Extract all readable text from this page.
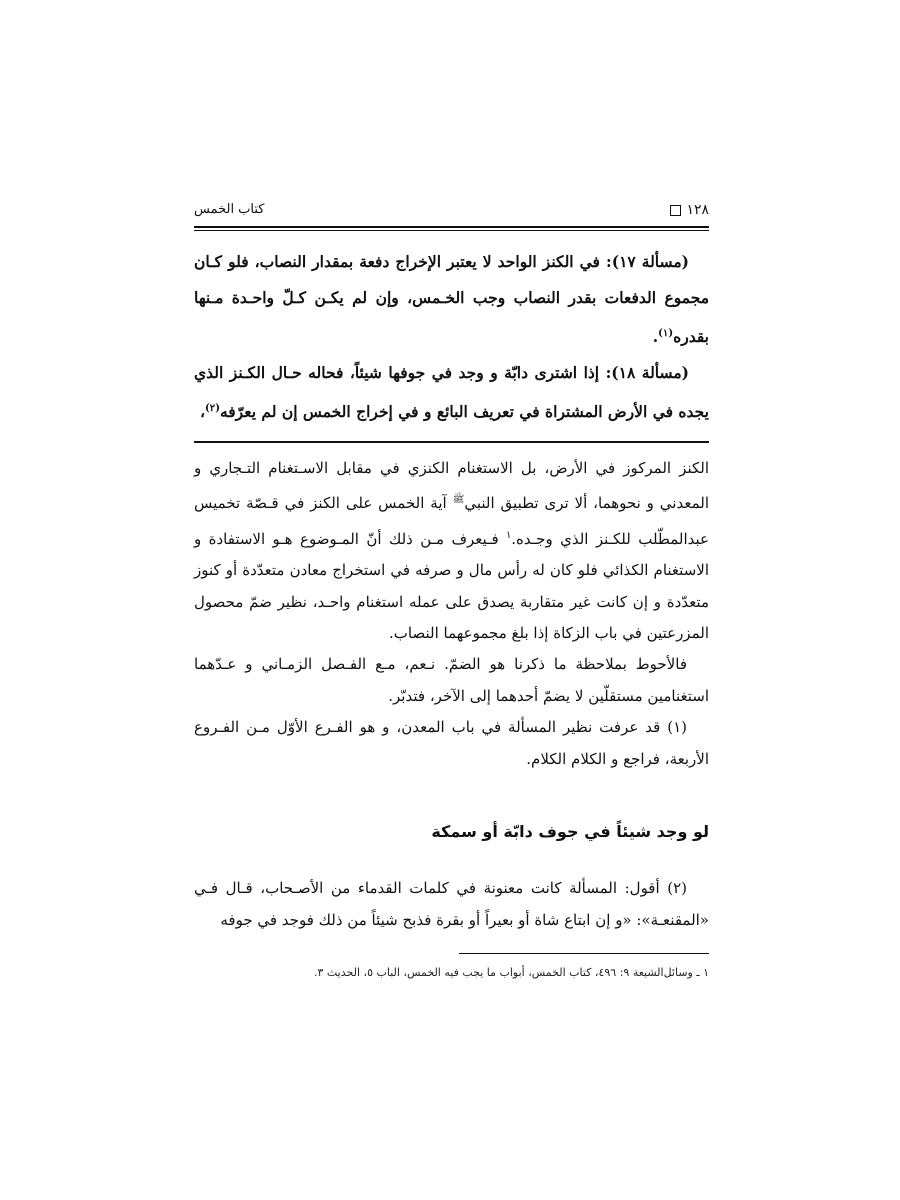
١٢٨
كتاب الخمس

(مسألة ١٧): في الكنز الواحد لا يعتبر الإخراج دفعة بمقدار النصاب، فلو كـان مجموع الدفعات بقدر النصاب وجب الخـمس، وإن لم يكـن كـلّ واحـدة مـنها بقدره$^{(١)}$.

(مسألة ١٨): إذا اشترى دابّة و وجد في جوفها شيئاً، فحاله حـال الكـنز الذي يجده في الأرض المشتراة في تعريف البائع و في إخراج الخمس إن لم يعرّفه$^{(٢)}$،

الكنز المركوز في الأرض، بل الاستغنام الكنزي في مقابل الاسـتغنام التـجاري و المعدني و نحوهما، ألا ترى تطبيق النبي$^ﷺ$ آية الخمس على الكنز في قـصّة تخميس عبدالمطّلب للكـنز الذي وجـده.$^١$ فـيعرف مـن ذلك أنّ المـوضوع هـو الاستفادة و الاستغنام الكذائي فلو كان له رأس مال و صرفه في استخراج معادن متعدّدة أو كنوز متعدّدة و إن كانت غير متقاربة يصدق على عمله استغنام واحـد، نظير ضمّ محصول المزرعتين في باب الزكاة إذا بلغ مجموعهما النصاب.

فالأحوط بملاحظة ما ذكرنا هو الضمّ. نـعم، مـع الفـصل الزمـاني و عـدّهما استغنامين مستقلّين لا يضمّ أحدهما إلى الآخر، فتدبّر.

(١) قد عرفت نظير المسألة في باب المعدن، و هو الفـرع الأوّل مـن الفـروع الأربعة، فراجع و الكلام الكلام.

لو وجد شيئاً في جوف دابّة أو سمكة

(٢) أقول: المسألة كانت معنونة في كلمات القدماء من الأصـحاب، قـال فـي «المقنعـة»: «و إن ابتاع شاة أو بعيراً أو بقرة فذبح شيئاً من ذلك فوجد في جوفه

١ ـ وسائل‌الشيعة ٩: ٤٩٦، كتاب الخمس، أبواب ما يجب فيه الخمس، الباب ٥، الحديث ٣.
